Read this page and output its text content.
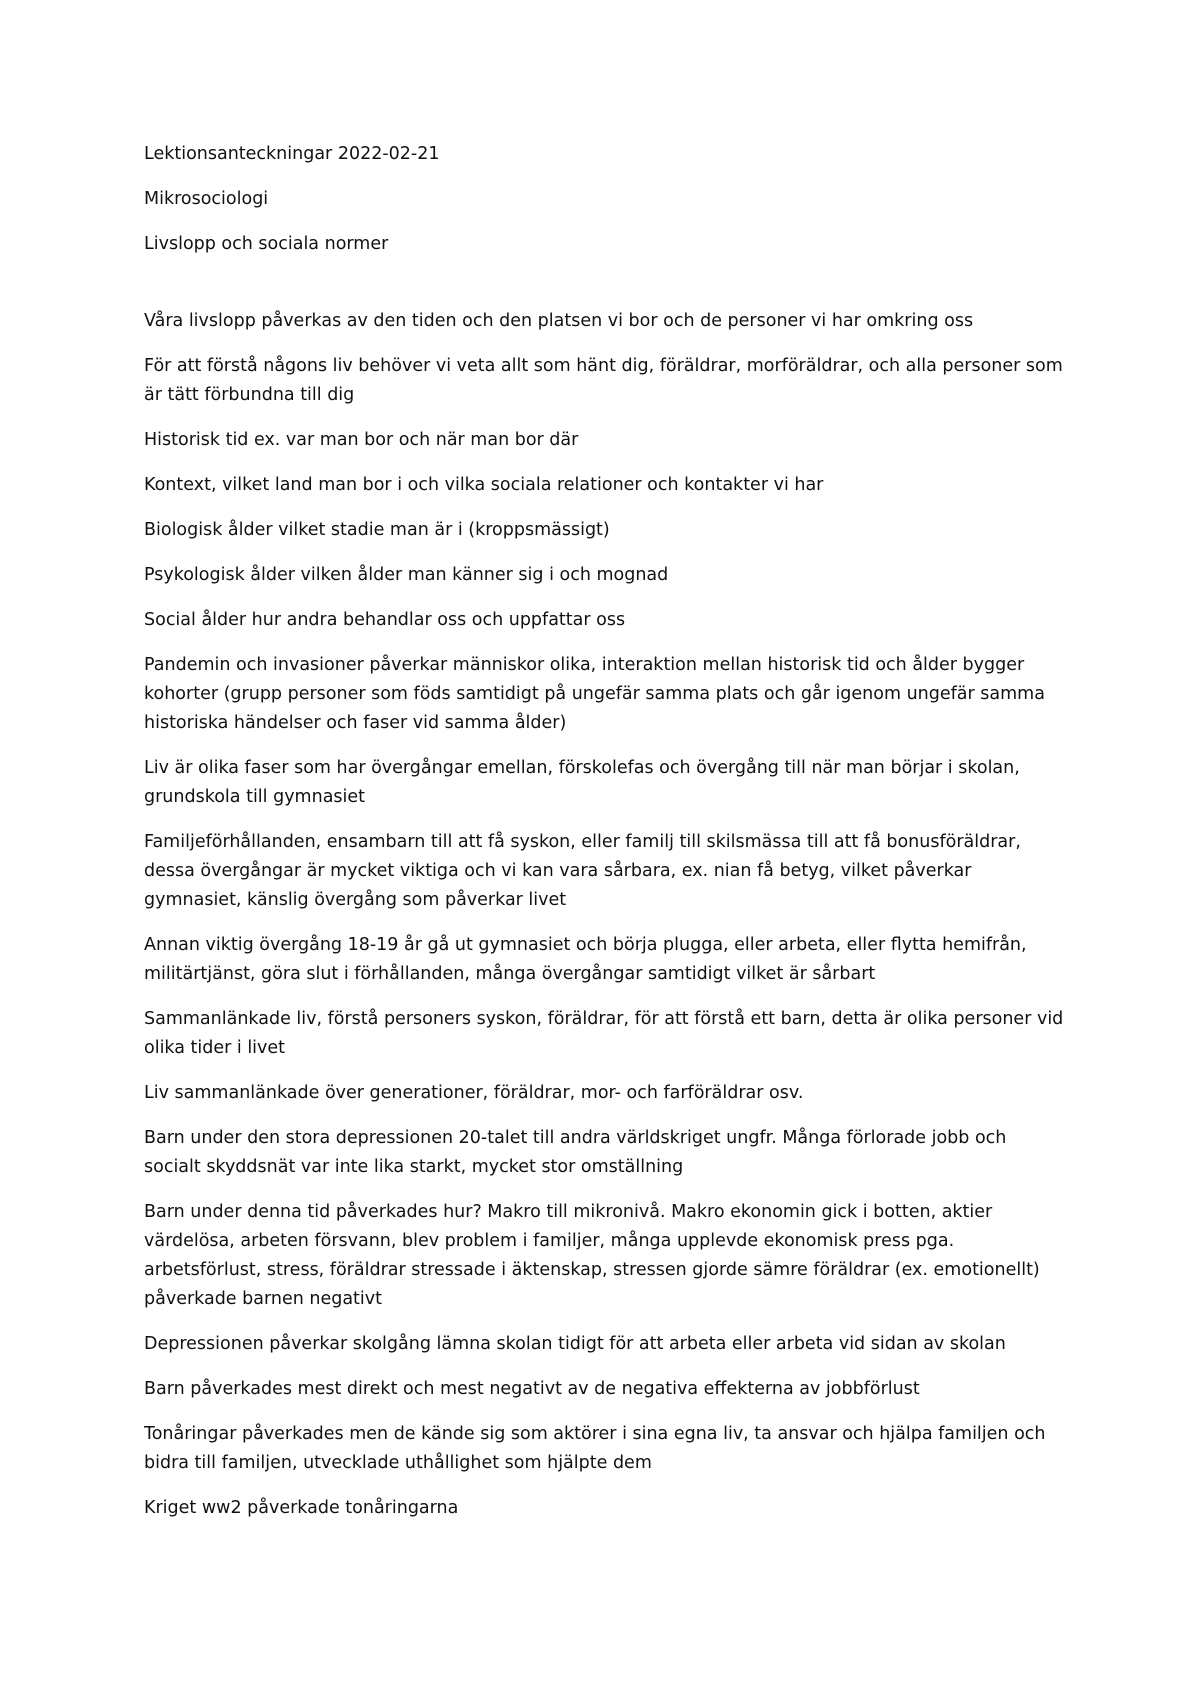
Lektionsanteckningar 2022-02-21

Mikrosociologi

Livslopp och sociala normer

Våra livslopp påverkas av den tiden och den platsen vi bor och de personer vi har omkring oss

För att förstå någons liv behöver vi veta allt som hänt dig, föräldrar, morföräldrar, och alla personer som är tätt förbundna till dig

Historisk tid ex. var man bor och när man bor där

Kontext, vilket land man bor i och vilka sociala relationer och kontakter vi har

Biologisk ålder vilket stadie man är i (kroppsmässigt)

Psykologisk ålder vilken ålder man känner sig i och mognad

Social ålder hur andra behandlar oss och uppfattar oss

Pandemin och invasioner påverkar människor olika, interaktion mellan historisk tid och ålder bygger kohorter (grupp personer som föds samtidigt på ungefär samma plats och går igenom ungefär samma historiska händelser och faser vid samma ålder)

Liv är olika faser som har övergångar emellan, förskolefas och övergång till när man börjar i skolan, grundskola till gymnasiet

Familjeförhållanden, ensambarn till att få syskon, eller familj till skilsmässa till att få bonusföräldrar, dessa övergångar är mycket viktiga och vi kan vara sårbara, ex. nian få betyg, vilket påverkar gymnasiet, känslig övergång som påverkar livet

Annan viktig övergång 18-19 år gå ut gymnasiet och börja plugga, eller arbeta, eller flytta hemifrån, militärtjänst, göra slut i förhållanden, många övergångar samtidigt vilket är sårbart

Sammanlänkade liv, förstå personers syskon, föräldrar, för att förstå ett barn, detta är olika personer vid olika tider i livet

Liv sammanlänkade över generationer, föräldrar, mor- och farföräldrar osv.

Barn under den stora depressionen 20-talet till andra världskriget ungfr. Många förlorade jobb och socialt skyddsnät var inte lika starkt, mycket stor omställning

Barn under denna tid påverkades hur? Makro till mikronivå. Makro ekonomin gick i botten, aktier värdelösa, arbeten försvann, blev problem i familjer, många upplevde ekonomisk press pga. arbetsförlust, stress, föräldrar stressade i äktenskap, stressen gjorde sämre föräldrar (ex. emotionellt) påverkade barnen negativt

Depressionen påverkar skolgång lämna skolan tidigt för att arbeta eller arbeta vid sidan av skolan

Barn påverkades mest direkt och mest negativt av de negativa effekterna av jobbförlust

Tonåringar påverkades men de kände sig som aktörer i sina egna liv, ta ansvar och hjälpa familjen och bidra till familjen, utvecklade uthållighet som hjälpte dem

Kriget ww2 påverkade tonåringarna
